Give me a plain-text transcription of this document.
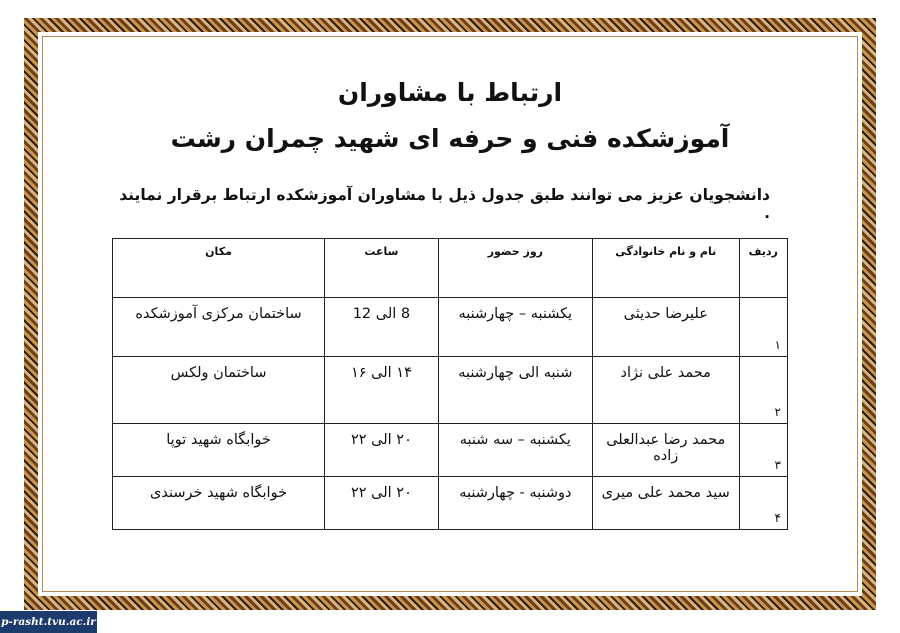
ارتباط با مشاوران
آموزشکده فنی و حرفه ای شهید چمران رشت
دانشجویان عزیز می توانند طبق جدول ذیل با مشاوران آموزشکده ارتباط برقرار نمایند .
ردیف	نام و نام خانوادگی	روز حضور	ساعت	مکان
۱	علیرضا حدیثی	یکشنبه – چهارشنبه	8 الی 12	ساختمان مرکزی آموزشکده
۲	محمد علی نژاد	شنبه الی چهارشنبه	۱۴ الی ۱۶	ساختمان ولکس
۳	محمد رضا عبدالعلی زاده	یکشنبه – سه شنبه	۲۰ الی ۲۲	خوابگاه شهید توپا
۴	سید محمد علی میری	دوشنبه - چهارشنبه	۲۰ الی ۲۲	خوابگاه شهید خرسندی
p-rasht.tvu.ac.ir
